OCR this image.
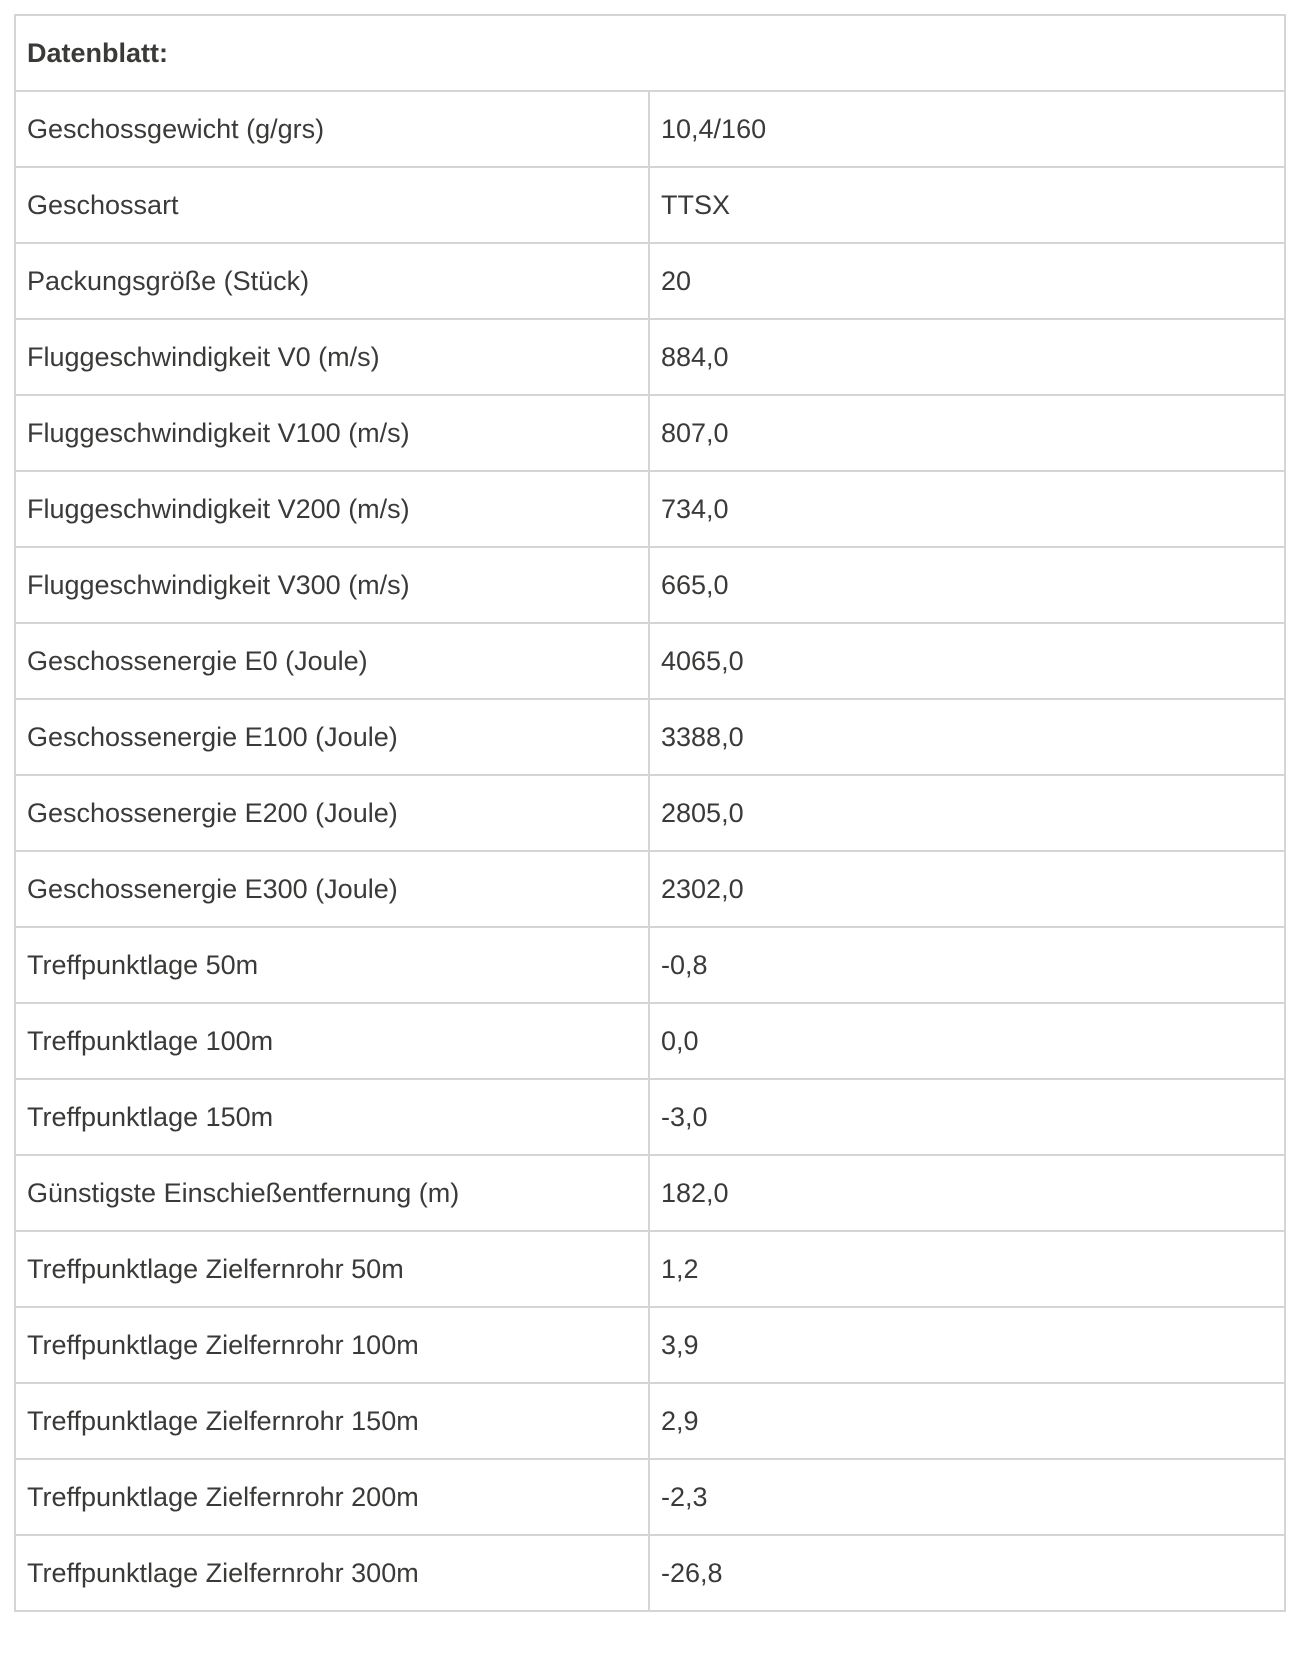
Datenblatt:	
Geschossgewicht (g/grs)	10,4/160
Geschossart	TTSX
Packungsgröße (Stück)	20
Fluggeschwindigkeit V0 (m/s)	884,0
Fluggeschwindigkeit V100 (m/s)	807,0
Fluggeschwindigkeit V200 (m/s)	734,0
Fluggeschwindigkeit V300 (m/s)	665,0
Geschossenergie E0 (Joule)	4065,0
Geschossenergie E100 (Joule)	3388,0
Geschossenergie E200 (Joule)	2805,0
Geschossenergie E300 (Joule)	2302,0
Treffpunktlage 50m	-0,8
Treffpunktlage 100m	0,0
Treffpunktlage 150m	-3,0
Günstigste Einschießentfernung (m)	182,0
Treffpunktlage Zielfernrohr 50m	1,2
Treffpunktlage Zielfernrohr 100m	3,9
Treffpunktlage Zielfernrohr 150m	2,9
Treffpunktlage Zielfernrohr 200m	-2,3
Treffpunktlage Zielfernrohr 300m	-26,8
